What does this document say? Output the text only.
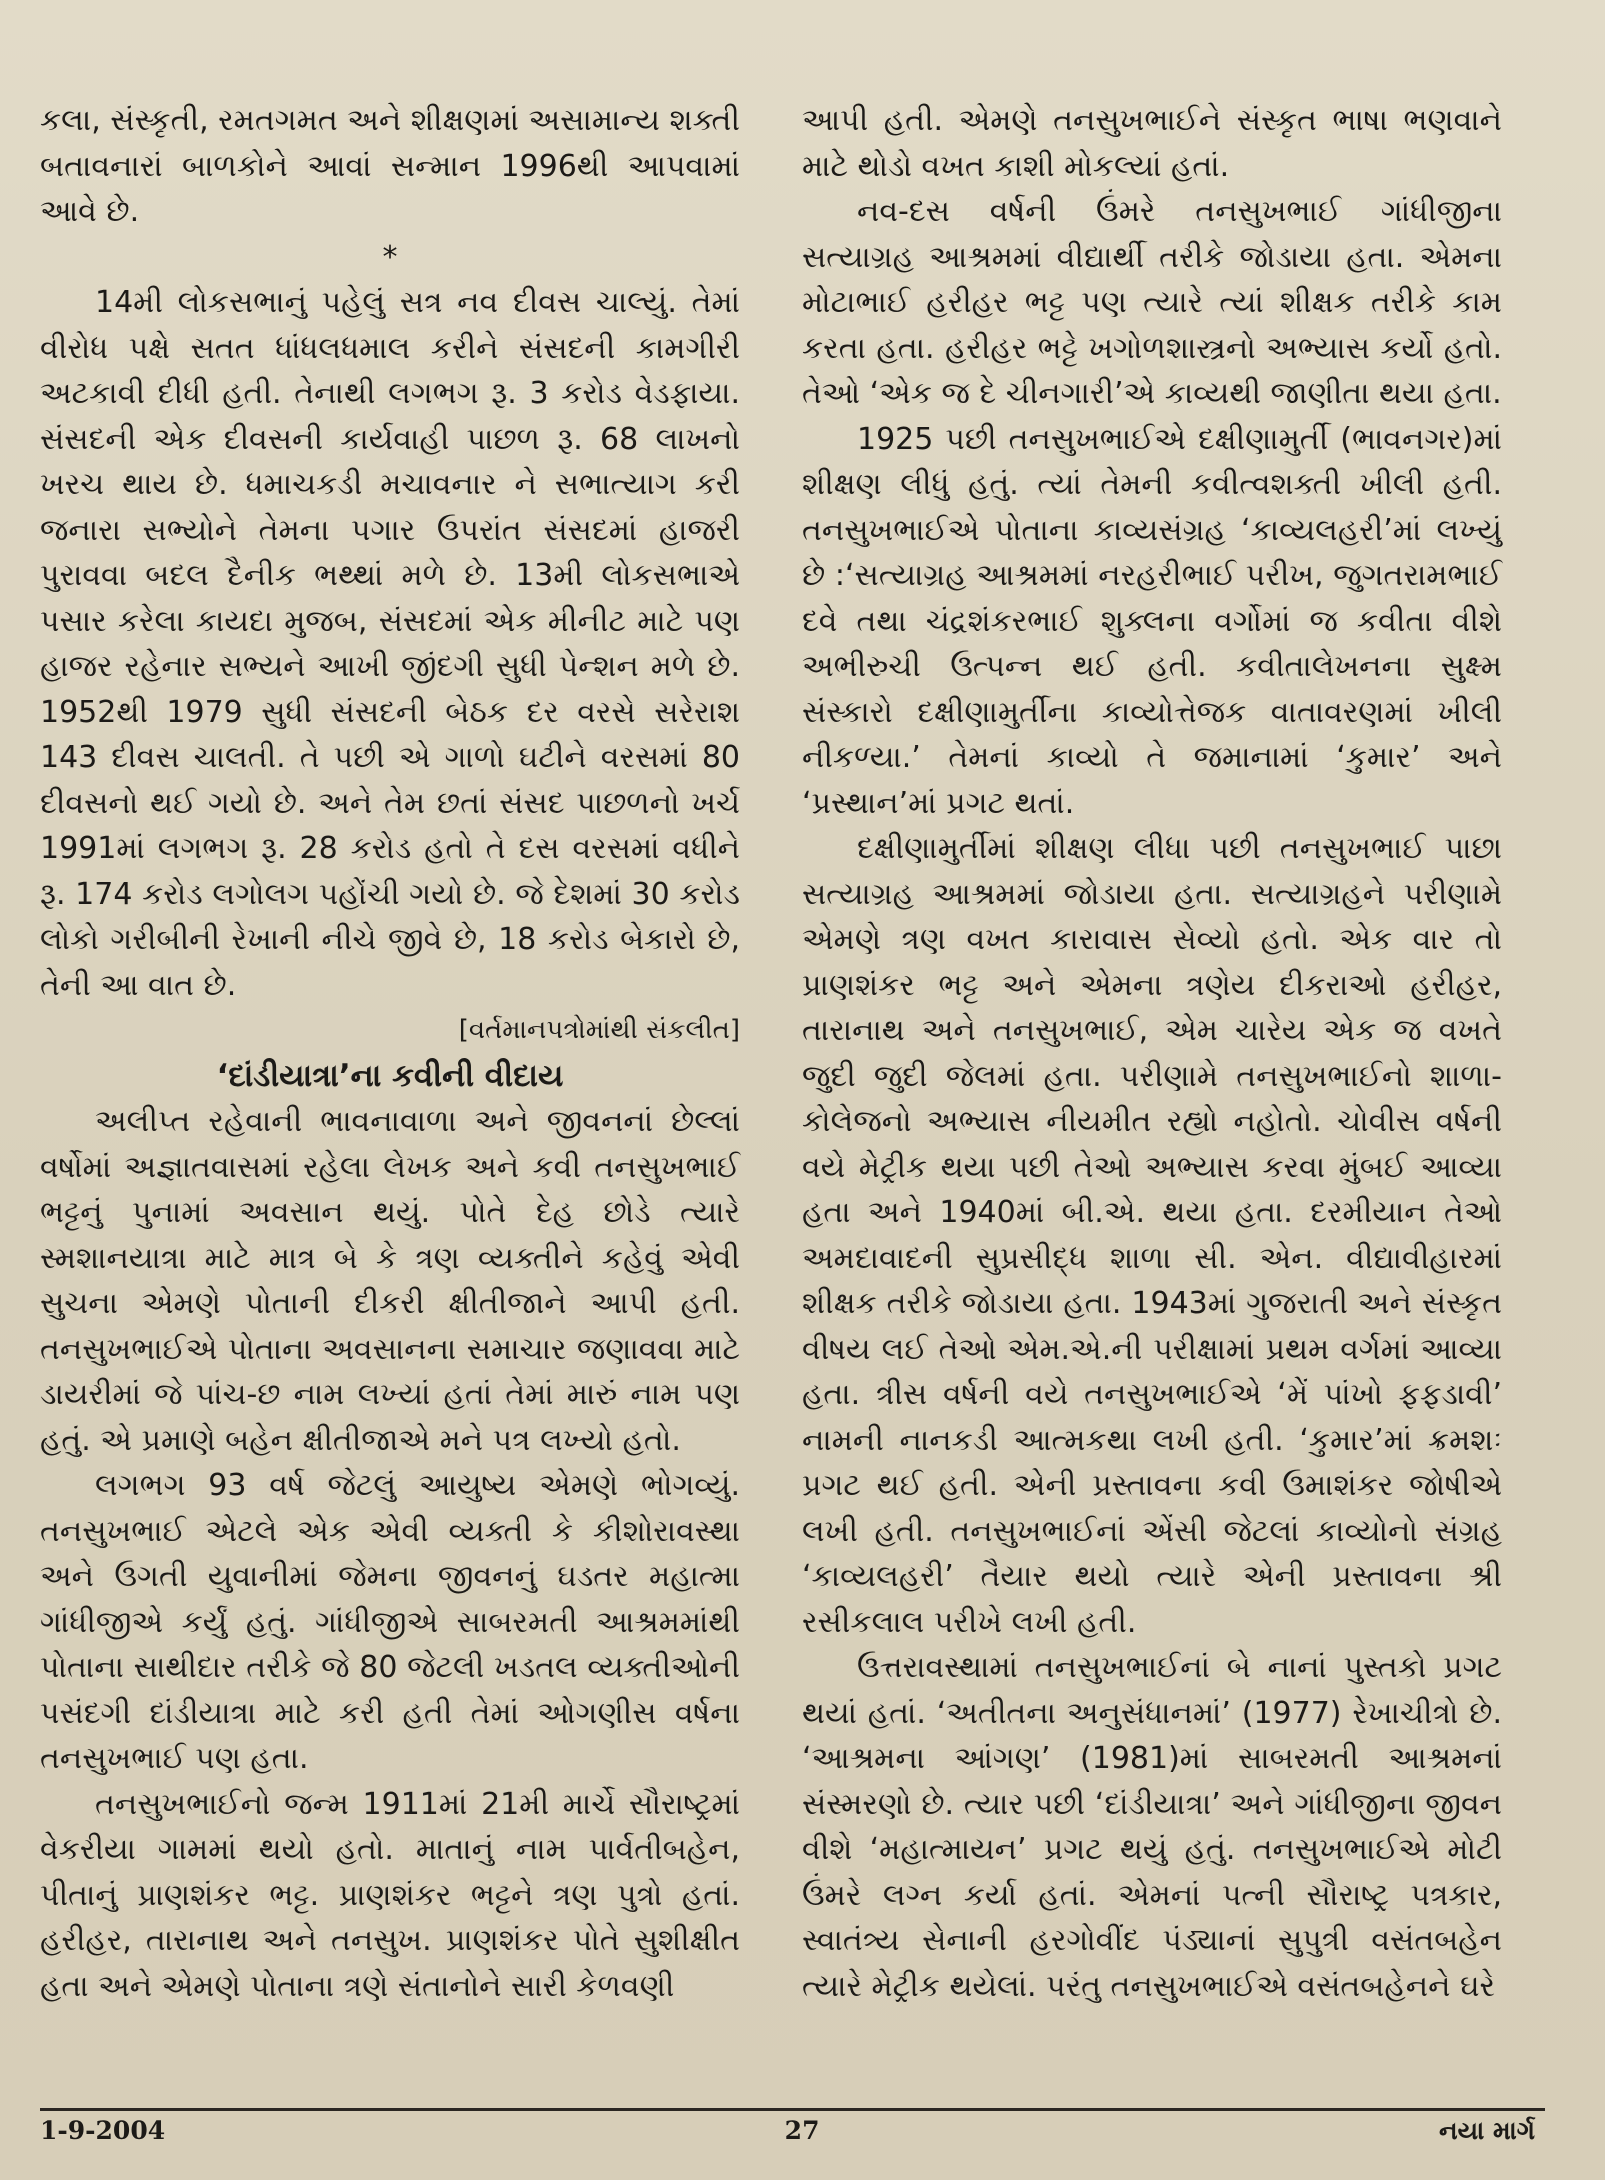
કલા, સંસ્કૃતી, રમતગમત અને શીક્ષણમાં અસામાન્ય શક્તી બતાવનારાં બાળકોને આવાં સન્માન 1996થી આપવામાં આવે છે.

*

14મી લોકસભાનું પહેલું સત્ર નવ દીવસ ચાલ્યું. તેમાં વીરોધ પક્ષે સતત ધાંધલધમાલ કરીને સંસદની કામગીરી અટકાવી દીધી હતી. તેનાથી લગભગ રૂ. 3 કરોડ વેડફાયા. સંસદની એક દીવસની કાર્યવાહી પાછળ રૂ. 68 લાખનો ખરચ થાય છે. ધમાચકડી મચાવનાર ને સભાત્યાગ કરી જનારા સભ્યોને તેમના પગાર ઉપરાંત સંસદમાં હાજરી પુરાવવા બદલ દૈનીક ભથ્થાં મળે છે. 13મી લોકસભાએ પસાર કરેલા કાયદા મુજબ, સંસદમાં એક મીનીટ માટે પણ હાજર રહેનાર સભ્યને આખી જીંદગી સુધી પેન્શન મળે છે. 1952થી 1979 સુધી સંસદની બેઠક દર વરસે સરેરાશ 143 દીવસ ચાલતી. તે પછી એ ગાળો ઘટીને વરસમાં 80 દીવસનો થઈ ગયો છે. અને તેમ છતાં સંસદ પાછળનો ખર્ચ 1991માં લગભગ રૂ. 28 કરોડ હતો તે દસ વરસમાં વધીને રૂ. 174 કરોડ લગોલગ પહોંચી ગયો છે. જે દેશમાં 30 કરોડ લોકો ગરીબીની રેખાની નીચે જીવે છે, 18 કરોડ બેકારો છે, તેની આ વાત છે.

[વર્તમાનપત્રોમાંથી સંકલીત]

‘દાંડીયાત્રા’ના કવીની વીદાય

અલીપ્ત રહેવાની ભાવનાવાળા અને જીવનનાં છેલ્લાં વર્ષોમાં અજ્ઞાતવાસમાં રહેલા લેખક અને કવી તનસુખભાઈ ભટ્ટનું પુનામાં અવસાન થયું. પોતે દેહ છોડે ત્યારે સ્મશાનયાત્રા માટે માત્ર બે કે ત્રણ વ્યક્તીને કહેવું એવી સુચના એમણે પોતાની દીકરી ક્ષીતીજાને આપી હતી. તનસુખભાઈએ પોતાના અવસાનના સમાચાર જણાવવા માટે ડાયરીમાં જે પાંચ-છ નામ લખ્યાં હતાં તેમાં મારું નામ પણ હતું. એ પ્રમાણે બહેન ક્ષીતીજાએ મને પત્ર લખ્યો હતો.

લગભગ 93 વર્ષ જેટલું આયુષ્ય એમણે ભોગવ્યું. તનસુખભાઈ એટલે એક એવી વ્યક્તી કે કીશોરાવસ્થા અને ઉગતી યુવાનીમાં જેમના જીવનનું ઘડતર મહાત્મા ગાંધીજીએ કર્યું હતું. ગાંધીજીએ સાબરમતી આશ્રમમાંથી પોતાના સાથીદાર તરીકે જે 80 જેટલી ખડતલ વ્યક્તીઓની પસંદગી દાંડીયાત્રા માટે કરી હતી તેમાં ઓગણીસ વર્ષના તનસુખભાઈ પણ હતા.

તનસુખભાઈનો જન્મ 1911માં 21મી માર્ચે સૌરાષ્ટ્રમાં વેકરીયા ગામમાં થયો હતો. માતાનું નામ પાર્વતીબહેન, પીતાનું પ્રાણશંકર ભટ્ટ. પ્રાણશંકર ભટ્ટને ત્રણ પુત્રો હતાં. હરીહર, તારાનાથ અને તનસુખ. પ્રાણશંકર પોતે સુશીક્ષીત હતા અને એમણે પોતાના ત્રણે સંતાનોને સારી કેળવણી

આપી હતી. એમણે તનસુખભાઈને સંસ્કૃત ભાષા ભણવાને માટે થોડો વખત કાશી મોકલ્યાં હતાં.

નવ-દસ વર્ષની ઉંમરે તનસુખભાઈ ગાંધીજીના સત્યાગ્રહ આશ્રમમાં વીદ્યાર્થી તરીકે જોડાયા હતા. એમના મોટાભાઈ હરીહર ભટ્ટ પણ ત્યારે ત્યાં શીક્ષક તરીકે કામ કરતા હતા. હરીહર ભટ્ટે ખગોળશાસ્ત્રનો અભ્યાસ કર્યો હતો. તેઓ ‘એક જ દે ચીનગારી’એ કાવ્યથી જાણીતા થયા હતા.

1925 પછી તનસુખભાઈએ દક્ષીણામુર્તી (ભાવનગર)માં શીક્ષણ લીધું હતું. ત્યાં તેમની કવીત્વશક્તી ખીલી હતી. તનસુખભાઈએ પોતાના કાવ્યસંગ્રહ ‘કાવ્યલહરી’માં લખ્યું છે :‘સત્યાગ્રહ આશ્રમમાં નરહરીભાઈ પરીખ, જુગતરામભાઈ દવે તથા ચંદ્રશંકરભાઈ શુક્લના વર્ગોમાં જ કવીતા વીશે અભીરુચી ઉત્પન્ન થઈ હતી. કવીતાલેખનના સુક્ષ્મ સંસ્કારો દક્ષીણામુર્તીના કાવ્યોત્તેજક વાતાવરણમાં ખીલી નીકળ્યા.’ તેમનાં કાવ્યો તે જમાનામાં ‘કુમાર’ અને ‘પ્રસ્થાન’માં પ્રગટ થતાં.

દક્ષીણામુર્તીમાં શીક્ષણ લીધા પછી તનસુખભાઈ પાછા સત્યાગ્રહ આશ્રમમાં જોડાયા હતા. સત્યાગ્રહને પરીણામે એમણે ત્રણ વખત કારાવાસ સેવ્યો હતો. એક વાર તો પ્રાણશંકર ભટ્ટ અને એમના ત્રણેય દીકરાઓ હરીહર, તારાનાથ અને તનસુખભાઈ, એમ ચારેય એક જ વખતે જુદી જુદી જેલમાં હતા. પરીણામે તનસુખભાઈનો શાળા-કોલેજનો અભ્યાસ નીયમીત રહ્યો નહોતો. ચોવીસ વર્ષની વયે મેટ્રીક થયા પછી તેઓ અભ્યાસ કરવા મુંબઈ આવ્યા હતા અને 1940માં બી.એ. થયા હતા. દરમીયાન તેઓ અમદાવાદની સુપ્રસીદ્ધ શાળા સી. એન. વીદ્યાવીહારમાં શીક્ષક તરીકે જોડાયા હતા. 1943માં ગુજરાતી અને સંસ્કૃત વીષય લઈ તેઓ એમ.એ.ની પરીક્ષામાં પ્રથમ વર્ગમાં આવ્યા હતા. ત્રીસ વર્ષની વયે તનસુખભાઈએ ‘મેં પાંખો ફફડાવી’ નામની નાનકડી આત્મકથા લખી હતી. ‘કુમાર’માં ક્રમશઃ પ્રગટ થઈ હતી. એની પ્રસ્તાવના કવી ઉમાશંકર જોષીએ લખી હતી. તનસુખભાઈનાં એંસી જેટલાં કાવ્યોનો સંગ્રહ ‘કાવ્યલહરી’ તૈયાર થયો ત્યારે એની પ્રસ્તાવના શ્રી રસીકલાલ પરીખે લખી હતી.

ઉત્તરાવસ્થામાં તનસુખભાઈનાં બે નાનાં પુસ્તકો પ્રગટ થયાં હતાં. ‘અતીતના અનુસંધાનમાં’ (1977) રેખાચીત્રો છે. ‘આશ્રમના આંગણ’ (1981)માં સાબરમતી આશ્રમનાં સંસ્મરણો છે. ત્યાર પછી ‘દાંડીયાત્રા’ અને ગાંધીજીના જીવન વીશે ‘મહાત્માયન’ પ્રગટ થયું હતું. તનસુખભાઈએ મોટી ઉંમરે લગ્ન કર્યા હતાં. એમનાં પત્ની સૌરાષ્ટ્ર પત્રકાર, સ્વાતંત્ર્ય સેનાની હરગોવીંદ પંડ્યાનાં સુપુત્રી વસંતબહેન ત્યારે મેટ્રીક થયેલાં. પરંતુ તનસુખભાઈએ વસંતબહેનને ઘરે

1-9-2004	27	નયા માર્ગ
